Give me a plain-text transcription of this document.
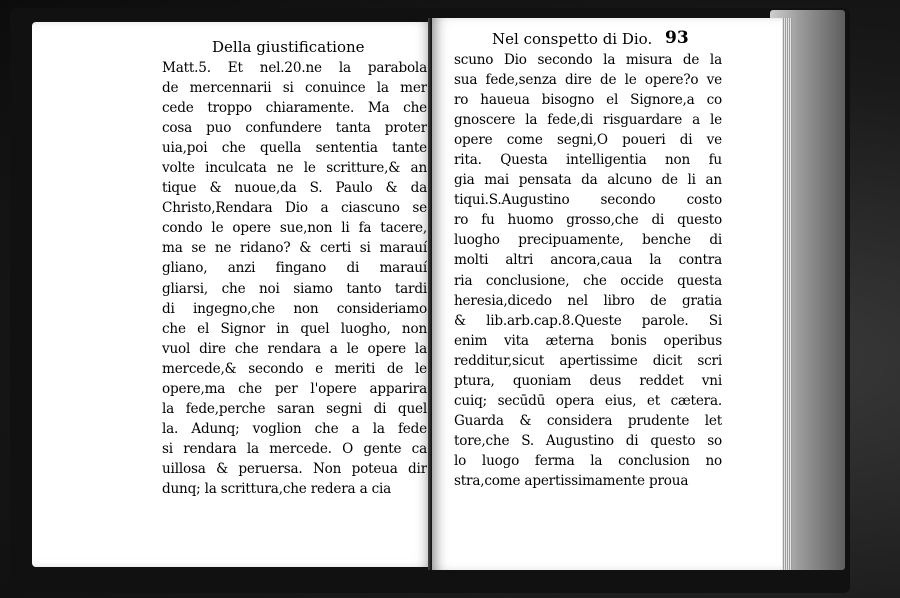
Della giustificatione
Matt.5. Et nel.20.ne la parabola
de mercennarii si conuince la mer
cede troppo chiaramente. Ma che
cosa puo confundere tanta proter
uia,poi che quella sententia tante
volte inculcata ne le scritture,& an
tique & nuoue,da S. Paulo & da
Christo,Rendara Dio a ciascuno se
condo le opere sue,non li fa tacere,
ma se ne ridano? & certi si marauí
gliano, anzi fingano di marauí
gliarsi, che noi siamo tanto tardi
di ingegno,che non consideriamo
che el Signor in quel luogho, non
vuol dire che rendara a le opere la
mercede,& secondo e meriti de le
opere,ma che per l'opere apparira
la fede,perche saran segni di quel
la. Adunq; voglion che a la fede
si rendara la mercede. O gente ca
uillosa & peruersa. Non poteua dir
dunq; la scrittura,che redera a cia
Nel conspetto di Dio. 93
scuno Dio secondo la misura de la
sua fede,senza dire de le opere?o ve
ro haueua bisogno el Signore,a co
gnoscere la fede,di risguardare a le
opere come segni,O poueri di ve
rita. Questa intelligentia non fu
gia mai pensata da alcuno de li an
tiqui.S.Augustino secondo costo
ro fu huomo grosso,che di questo
luogho precipuamente, benche di
molti altri ancora,caua la contra
ria conclusione, che occide questa
heresia,dicedo nel libro de gratia
& lib.arb.cap.8.Queste parole. Si
enim vita æterna bonis operibus
redditur,sicut apertissime dicit scri
ptura, quoniam deus reddet vni
cuiq; secūdū opera eius, et cætera.
Guarda & considera prudente let
tore,che S. Augustino di questo so
lo luogo ferma la conclusion no
stra,come apertissimamente proua
